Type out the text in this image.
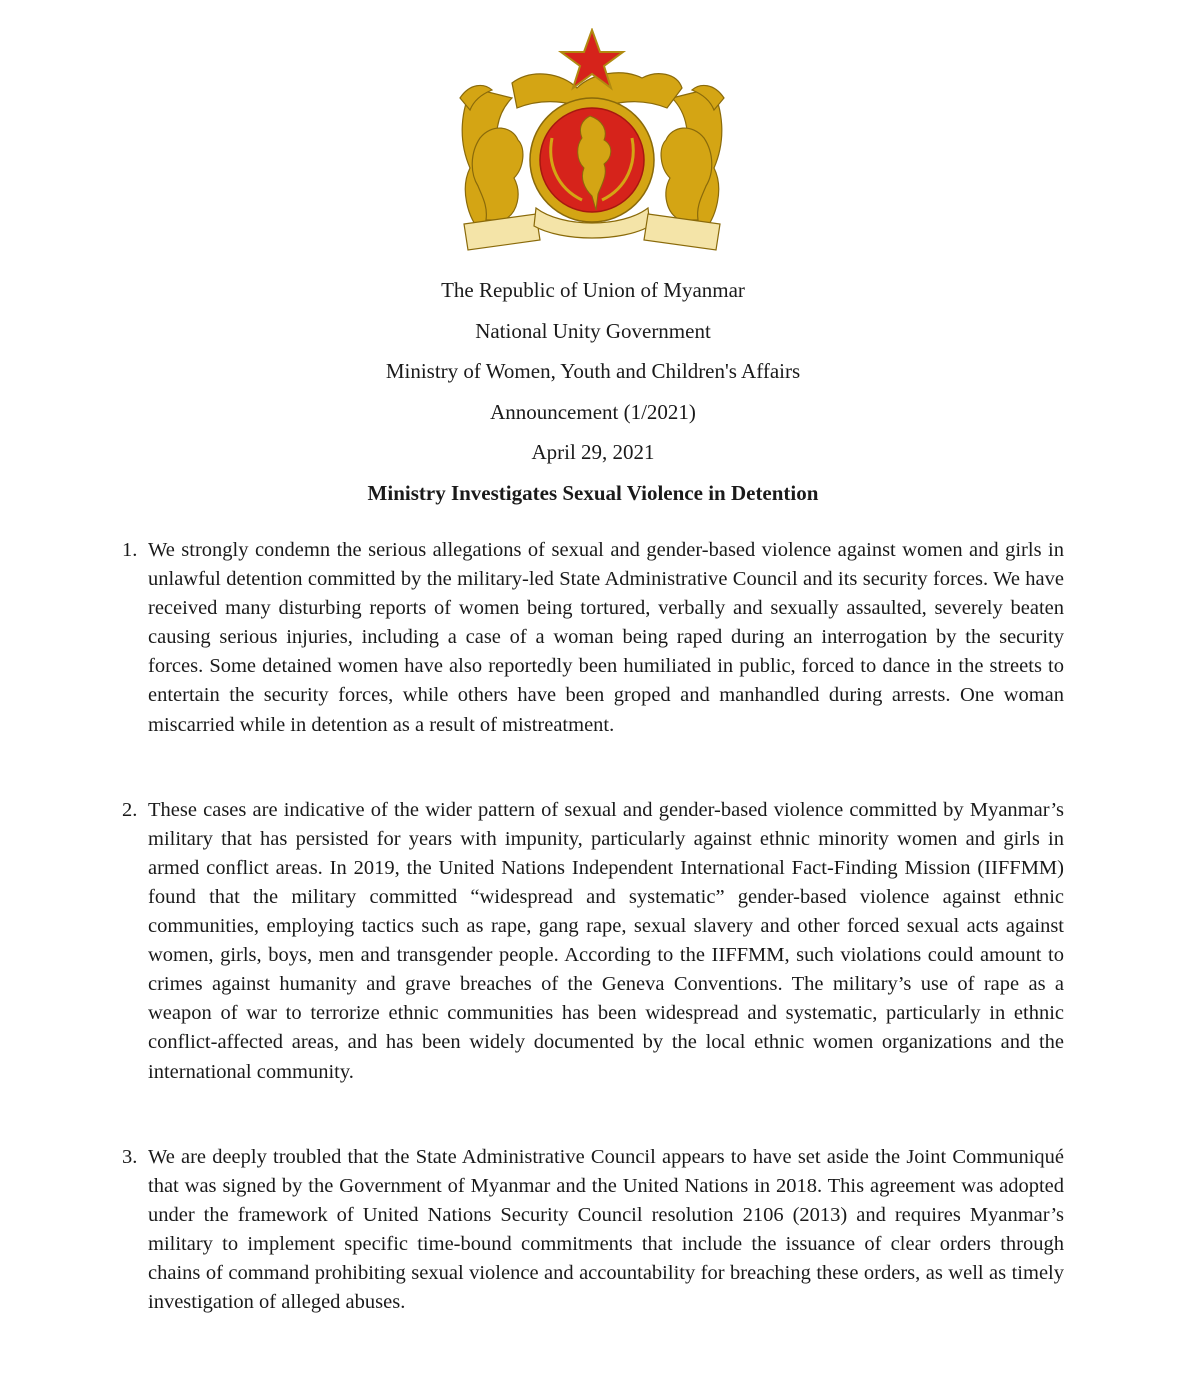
The Republic of Union of Myanmar

National Unity Government

Ministry of Women, Youth and Children's Affairs

Announcement (1/2021)

April 29, 2021

Ministry Investigates Sexual Violence in Detention

1. We strongly condemn the serious allegations of sexual and gender-based violence against women and girls in unlawful detention committed by the military-led State Administrative Council and its security forces. We have received many disturbing reports of women being tortured, verbally and sexually assaulted, severely beaten causing serious injuries, including a case of a woman being raped during an interrogation by the security forces. Some detained women have also reportedly been humiliated in public, forced to dance in the streets to entertain the security forces, while others have been groped and manhandled during arrests. One woman miscarried while in detention as a result of mistreatment.

2. These cases are indicative of the wider pattern of sexual and gender-based violence committed by Myanmar’s military that has persisted for years with impunity, particularly against ethnic minority women and girls in armed conflict areas. In 2019, the United Nations Independent International Fact-Finding Mission (IIFFMM) found that the military committed “widespread and systematic” gender-based violence against ethnic communities, employing tactics such as rape, gang rape, sexual slavery and other forced sexual acts against women, girls, boys, men and transgender people. According to the IIFFMM, such violations could amount to crimes against humanity and grave breaches of the Geneva Conventions. The military’s use of rape as a weapon of war to terrorize ethnic communities has been widespread and systematic, particularly in ethnic conflict-affected areas, and has been widely documented by the local ethnic women organizations and the international community.

3. We are deeply troubled that the State Administrative Council appears to have set aside the Joint Communiqué that was signed by the Government of Myanmar and the United Nations in 2018. This agreement was adopted under the framework of United Nations Security Council resolution 2106 (2013) and requires Myanmar’s military to implement specific time-bound commitments that include the issuance of clear orders through chains of command prohibiting sexual violence and accountability for breaching these orders, as well as timely investigation of alleged abuses.
